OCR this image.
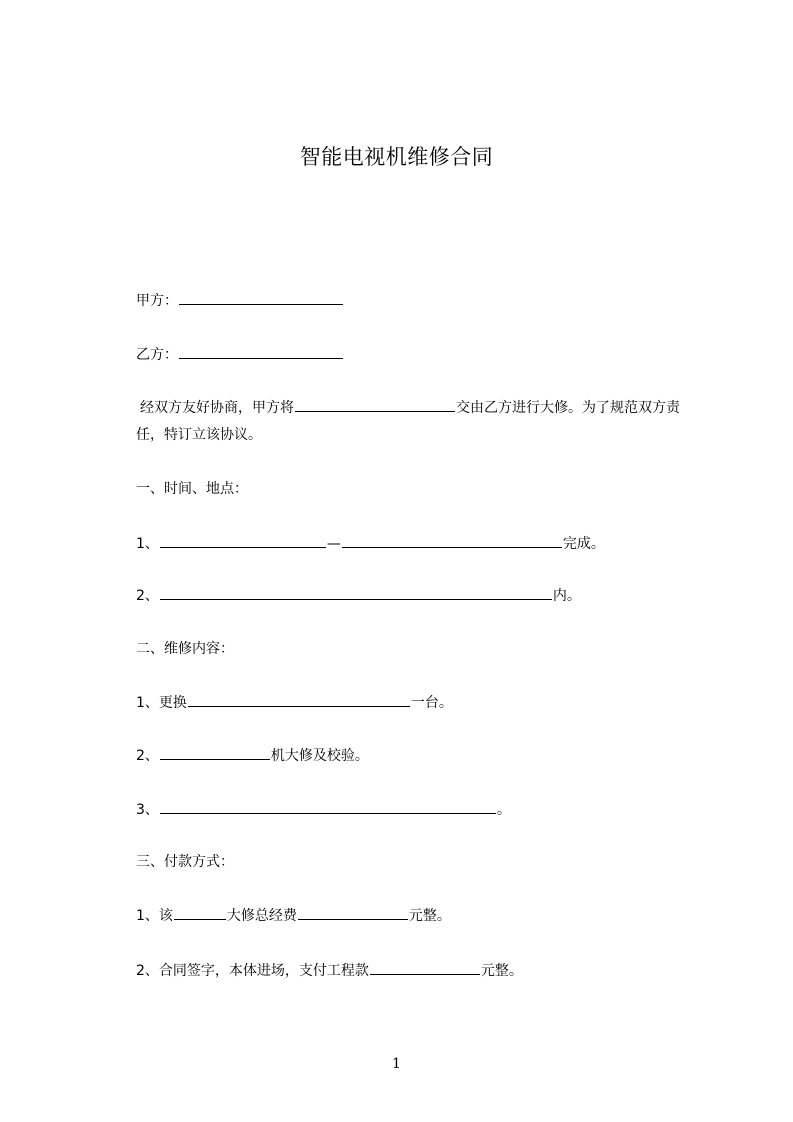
智能电视机维修合同
甲方：
乙方：
经双方友好协商，甲方将	交由乙方进行大修。为了规范双方责任，特订立该协议。
一、时间、地点：
1、	—	完成。
2、	内。
二、维修内容：
1、更换	一台。
2、	机大修及校验。
3、	。
三、付款方式：
1、该	大修总经费	元整。
2、合同签字，本体进场，支付工程款	元整。
1
